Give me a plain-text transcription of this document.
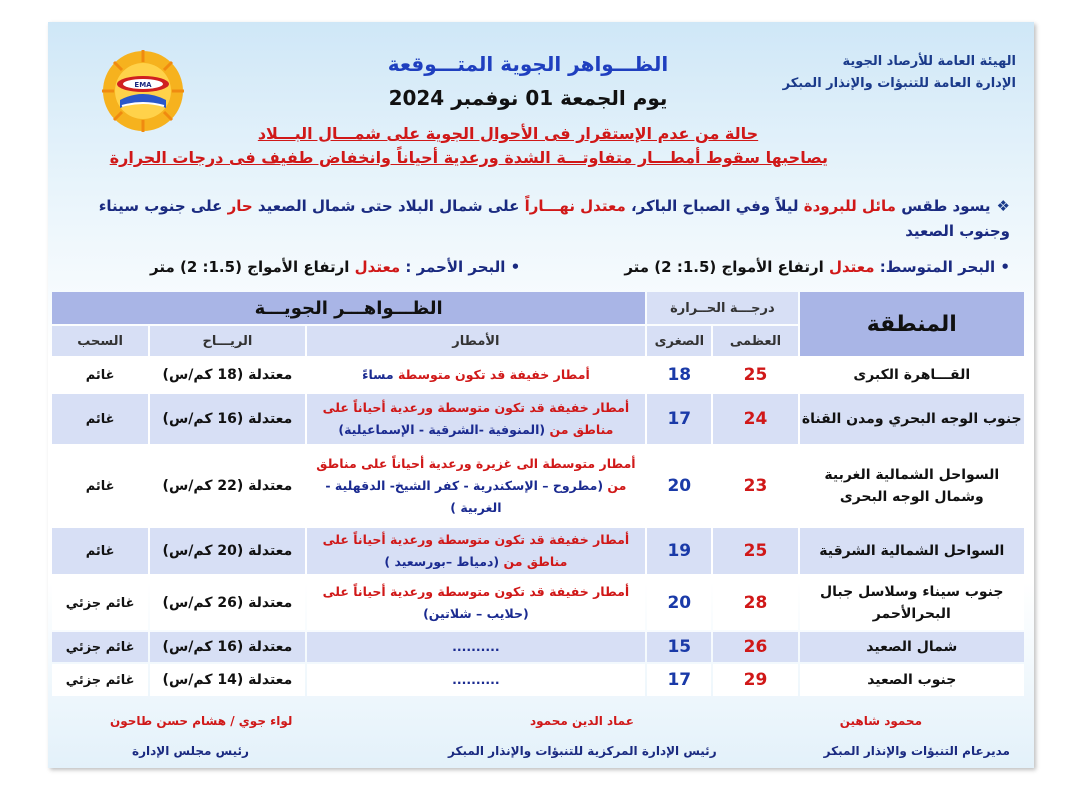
الهيئة العامة للأرصاد الجوية
الإدارة العامة للتنبؤات والإنذار المبكر
EMA
الظـــواهر الجوية المتـــوقعة
يوم الجمعة 01 نوفمبر 2024
حالة من عدم الإستقرار فى الأحوال الجوية على شمـــال البـــلاد
يصاحبها سقوط أمطـــار متفاوتـــة الشدة ورعدية أحياناً وانخفاض طفيف فى درجات الحرارة
❖يسود طقس مائل للبرودة ليلاً وفي الصباح الباكر، معتدل نهـــاراً على شمال البلاد حتى شمال الصعيد حار على جنوب سيناء وجنوب الصعيد
• البحر المتوسط: معتدل ارتفاع الأمواج (1.5: 2) متر
• البحر الأحمر : معتدل ارتفاع الأمواج (1.5: 2) متر
المنطقة	درجـــة الحــرارة		الظـــواهـــر الجويـــة		
	العظمى	الصغرى	الأمطار	الريـــاح	السحب
القـــاهرة الكبرى	25	18	أمطار خفيفة قد تكون متوسطة مساءً	معتدلة (18 كم/س)	غائم
جنوب الوجه البحري ومدن القناة	24	17	أمطار خفيفة قد تكون متوسطة ورعدية أحياناً على مناطق من (المنوفية -الشرقية - الإسماعيلية)	معتدلة (16 كم/س)	غائم
السواحل الشمالية الغربية وشمال الوجه البحرى	23	20	أمطار متوسطة الى غزيرة ورعدية أحياناً على مناطق من (مطروح – الإسكندرية - كفر الشيخ- الدقهلية - الغربية )	معتدلة (22 كم/س)	غائم
السواحل الشمالية الشرقية	25	19	أمطار خفيفة قد تكون متوسطة ورعدية أحياناً على مناطق من (دمياط –بورسعيد )	معتدلة (20 كم/س)	غائم
جنوب سيناء وسلاسل جبال البحرالأحمر	28	20	أمطار خفيفة قد تكون متوسطة ورعدية أحياناً على (حلايب – شلاتين)	معتدلة (26 كم/س)	غائم جزئي
شمال الصعيد	26	15	..........	معتدلة (16 كم/س)	غائم جزئي
جنوب الصعيد	29	17	..........	معتدلة (14 كم/س)	غائم جزئي
محمود شاهين
مديرعام التنبؤات والإنذار المبكر
عماد الدين محمود
رئيس الإدارة المركزية للتنبؤات والإنذار المبكر
لواء جوي / هشام حسن طاحون
رئيس مجلس الإدارة
